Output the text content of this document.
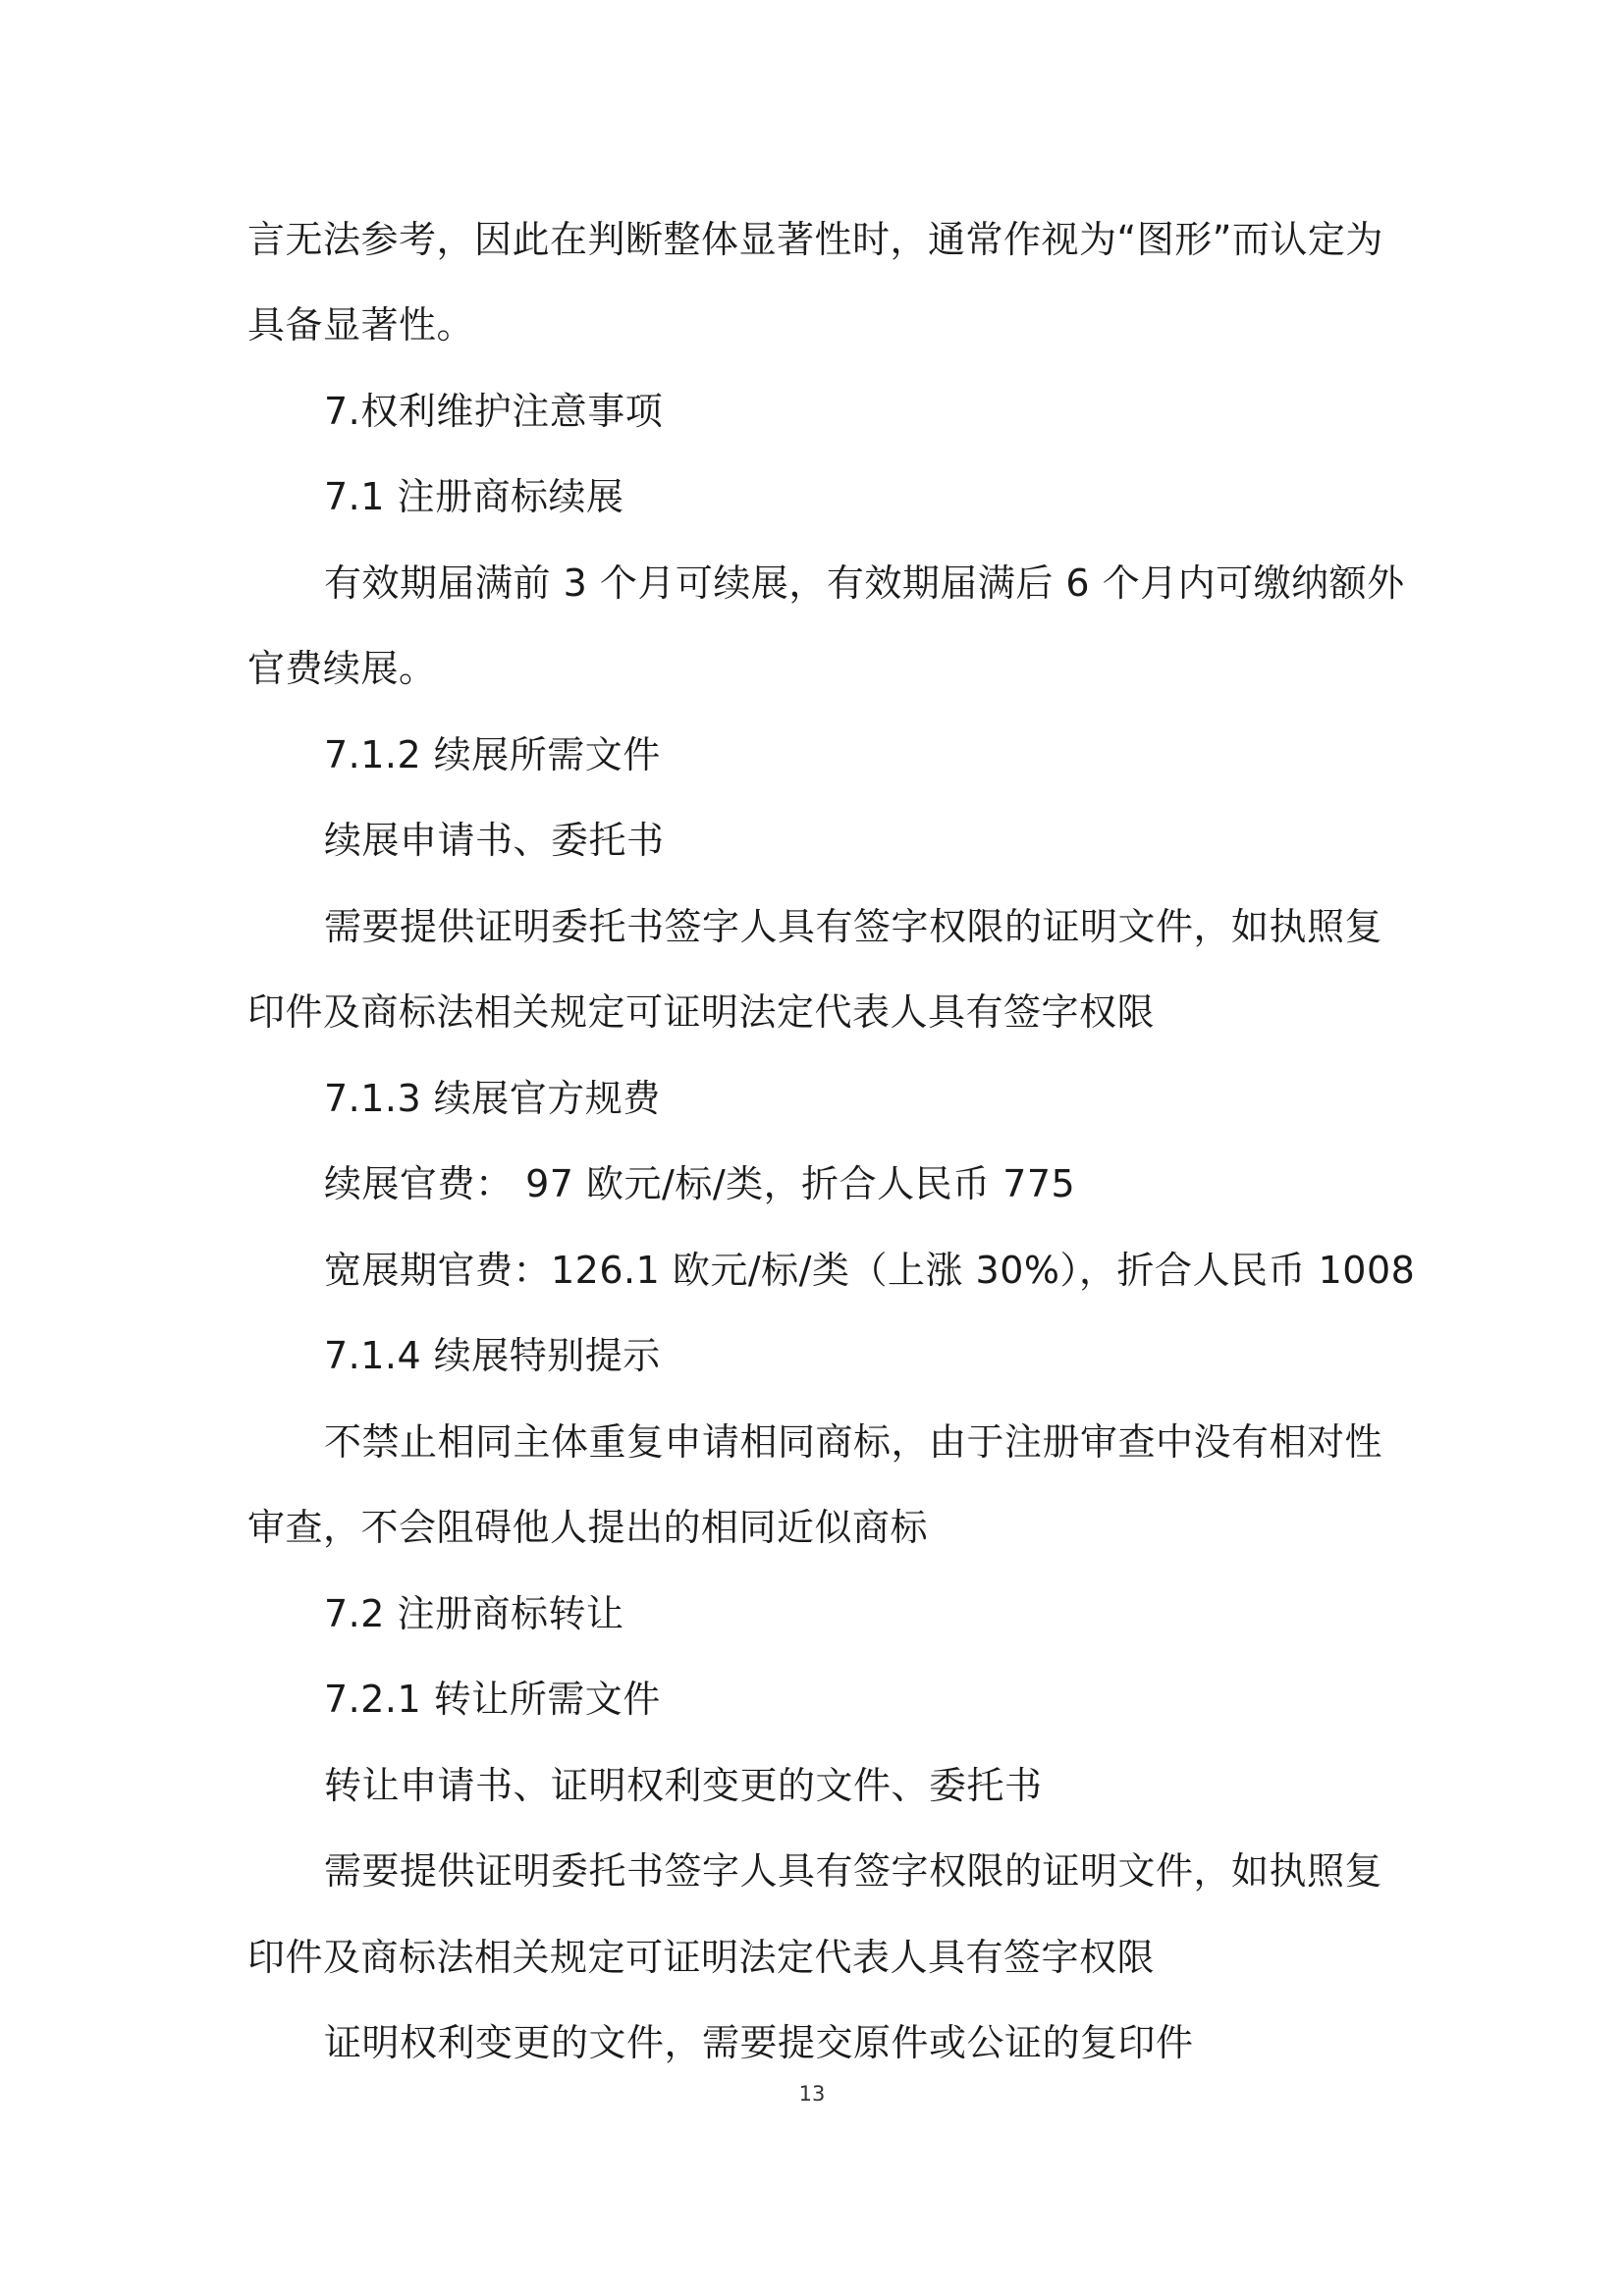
言无法参考，因此在判断整体显著性时，通常作视为“图形”而认定为
具备显著性。
7.权利维护注意事项
7.1 注册商标续展
有效期届满前 3 个月可续展，有效期届满后 6 个月内可缴纳额外
官费续展。
7.1.2 续展所需文件
续展申请书、委托书
需要提供证明委托书签字人具有签字权限的证明文件，如执照复
印件及商标法相关规定可证明法定代表人具有签字权限
7.1.3 续展官方规费
续展官费： 97 欧元/标/类，折合人民币 775
宽展期官费：126.1 欧元/标/类（上涨 30%），折合人民币 1008
7.1.4 续展特别提示
不禁止相同主体重复申请相同商标，由于注册审查中没有相对性
审查，不会阻碍他人提出的相同近似商标
7.2 注册商标转让
7.2.1 转让所需文件
转让申请书、证明权利变更的文件、委托书
需要提供证明委托书签字人具有签字权限的证明文件，如执照复
印件及商标法相关规定可证明法定代表人具有签字权限
证明权利变更的文件，需要提交原件或公证的复印件
13
